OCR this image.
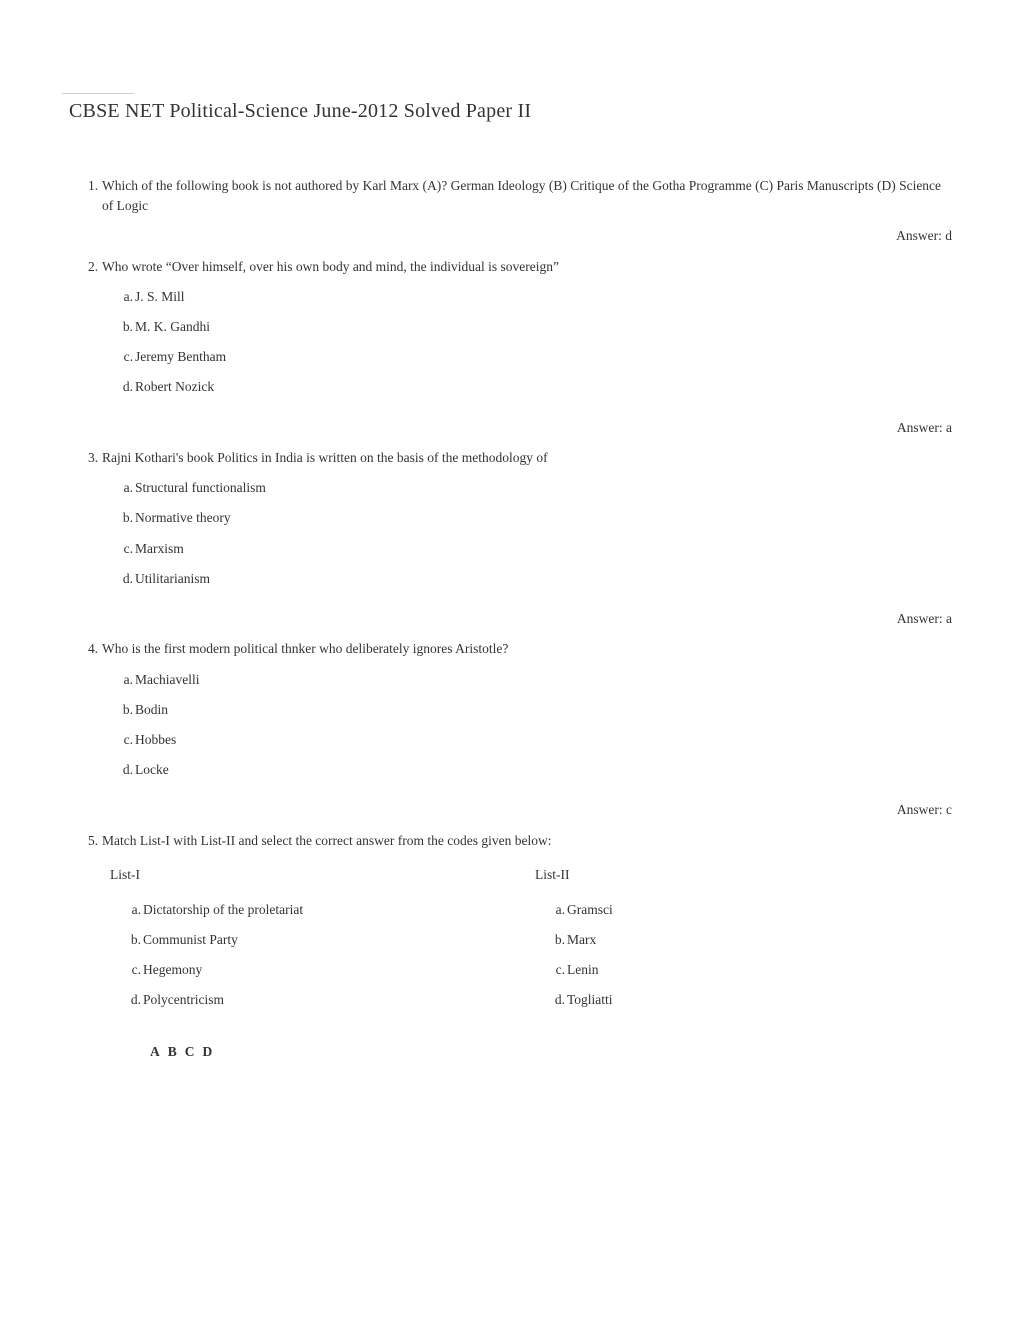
CBSE NET Political-Science June-2012 Solved Paper II
1. Which of the following book is not authored by Karl Marx (A)? German Ideology (B) Critique of the Gotha Programme (C) Paris Manuscripts (D) Science of Logic
Answer: d
2. Who wrote “Over himself, over his own body and mind, the individual is sovereign”
a. J. S. Mill
b. M. K. Gandhi
c. Jeremy Bentham
d. Robert Nozick
Answer: a
3. Rajni Kothari's book Politics in India is written on the basis of the methodology of
a. Structural functionalism
b. Normative theory
c. Marxism
d. Utilitarianism
Answer: a
4. Who is the first modern political thnker who deliberately ignores Aristotle?
a. Machiavelli
b. Bodin
c. Hobbes
d. Locke
Answer: c
5. Match List-I with List-II and select the correct answer from the codes given below:
List-I	List-II
a. Dictatorship of the proletariat
b. Communist Party
c. Hegemony
d. Polycentricism
a. Gramsci
b. Marx
c. Lenin
d. Togliatti
A B C D
